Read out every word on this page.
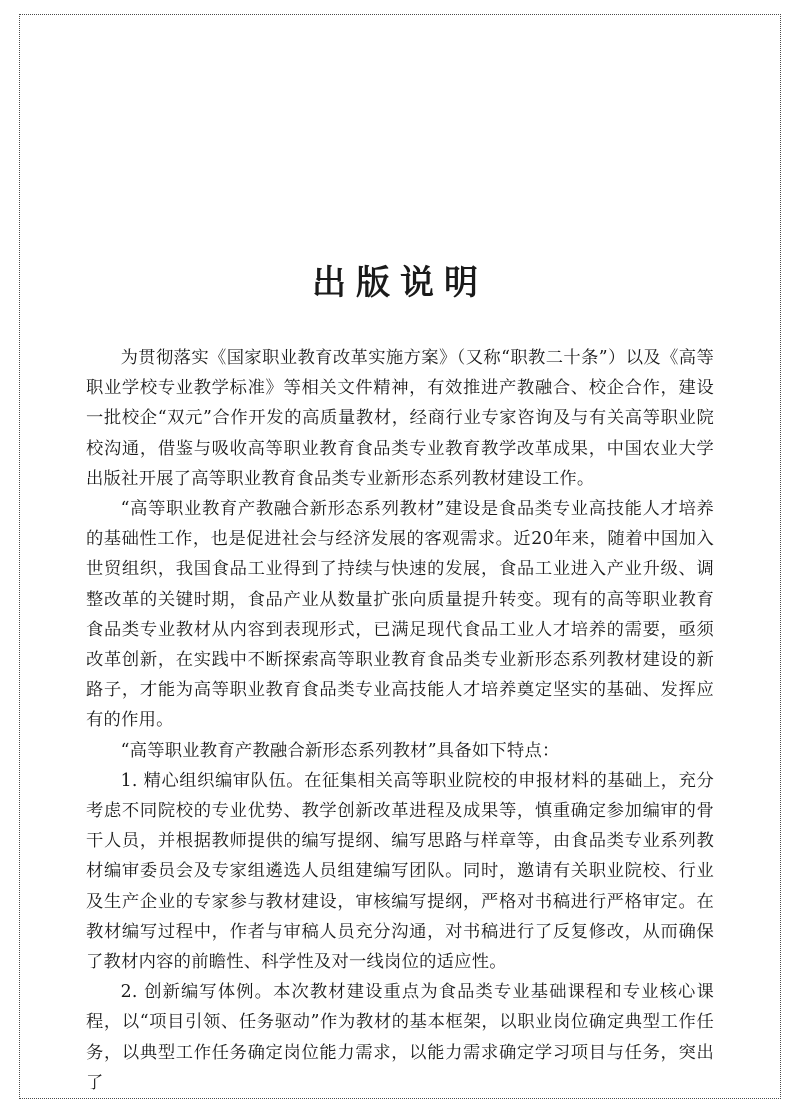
出版说明

为贯彻落实《国家职业教育改革实施方案》（又称“职教二十条”）以及《高等职业学校专业教学标准》等相关文件精神，有效推进产教融合、校企合作，建设一批校企“双元”合作开发的高质量教材，经商行业专家咨询及与有关高等职业院校沟通，借鉴与吸收高等职业教育食品类专业教育教学改革成果，中国农业大学出版社开展了高等职业教育食品类专业新形态系列教材建设工作。

“高等职业教育产教融合新形态系列教材”建设是食品类专业高技能人才培养的基础性工作，也是促进社会与经济发展的客观需求。近20年来，随着中国加入世贸组织，我国食品工业得到了持续与快速的发展，食品工业进入产业升级、调整改革的关键时期，食品产业从数量扩张向质量提升转变。现有的高等职业教育食品类专业教材从内容到表现形式，已满足现代食品工业人才培养的需要，亟须改革创新，在实践中不断探索高等职业教育食品类专业新形态系列教材建设的新路子，才能为高等职业教育食品类专业高技能人才培养奠定坚实的基础、发挥应有的作用。

“高等职业教育产教融合新形态系列教材”具备如下特点：

1. 精心组织编审队伍。在征集相关高等职业院校的申报材料的基础上，充分考虑不同院校的专业优势、教学创新改革进程及成果等，慎重确定参加编审的骨干人员，并根据教师提供的编写提纲、编写思路与样章等，由食品类专业系列教材编审委员会及专家组遴选人员组建编写团队。同时，邀请有关职业院校、行业及生产企业的专家参与教材建设，审核编写提纲，严格对书稿进行严格审定。在教材编写过程中，作者与审稿人员充分沟通，对书稿进行了反复修改，从而确保了教材内容的前瞻性、科学性及对一线岗位的适应性。

2. 创新编写体例。本次教材建设重点为食品类专业基础课程和专业核心课程，以“项目引领、任务驱动”作为教材的基本框架，以职业岗位确定典型工作任务，以典型工作任务确定岗位能力需求，以能力需求确定学习项目与任务，突出了
